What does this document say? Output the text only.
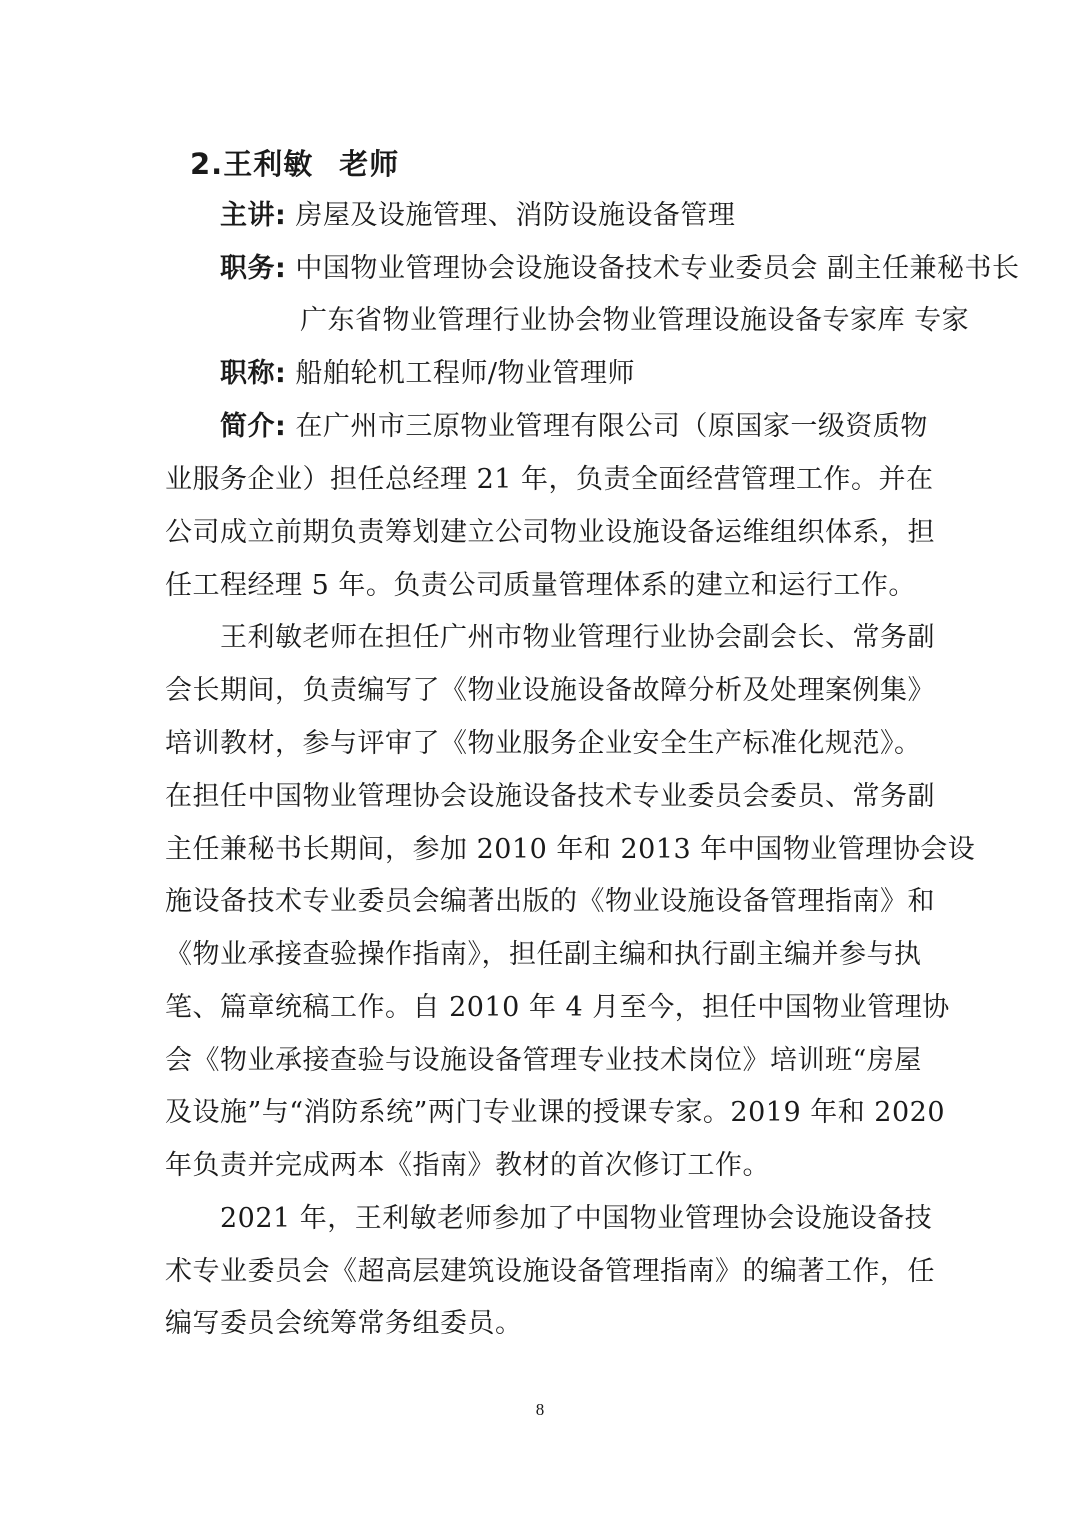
2.王利敏 老师
主讲: 房屋及设施管理、消防设施设备管理
职务: 中国物业管理协会设施设备技术专业委员会 副主任兼秘书长
广东省物业管理行业协会物业管理设施设备专家库 专家
职称: 船舶轮机工程师/物业管理师
简介: 在广州市三原物业管理有限公司（原国家一级资质物
业服务企业）担任总经理 21 年，负责全面经营管理工作。并在
公司成立前期负责筹划建立公司物业设施设备运维组织体系，担
任工程经理 5 年。负责公司质量管理体系的建立和运行工作。
王利敏老师在担任广州市物业管理行业协会副会长、常务副
会长期间，负责编写了《物业设施设备故障分析及处理案例集》
培训教材，参与评审了《物业服务企业安全生产标准化规范》。
在担任中国物业管理协会设施设备技术专业委员会委员、常务副
主任兼秘书长期间，参加 2010 年和 2013 年中国物业管理协会设
施设备技术专业委员会编著出版的《物业设施设备管理指南》和
《物业承接查验操作指南》，担任副主编和执行副主编并参与执
笔、篇章统稿工作。自 2010 年 4 月至今，担任中国物业管理协
会《物业承接查验与设施设备管理专业技术岗位》培训班“房屋
及设施”与“消防系统”两门专业课的授课专家。2019 年和 2020
年负责并完成两本《指南》教材的首次修订工作。
2021 年，王利敏老师参加了中国物业管理协会设施设备技
术专业委员会《超高层建筑设施设备管理指南》的编著工作，任
编写委员会统筹常务组委员。
8
